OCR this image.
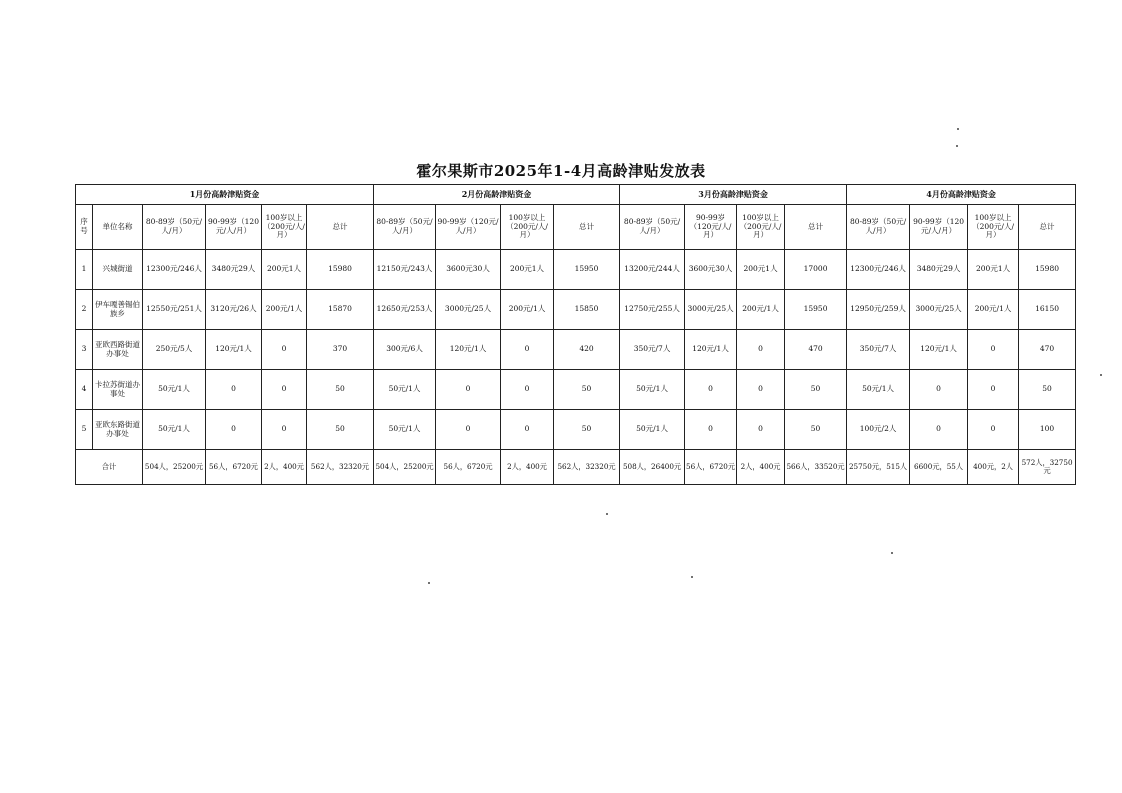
霍尔果斯市2025年1-4月高龄津贴发放表
1月份高龄津贴资金						2月份高龄津贴资金				3月份高龄津贴资金				4月份高龄津贴资金			
序号	单位名称	80-89岁（50元/人/月）	90-99岁（120元/人/月）	100岁以上（200元/人/月）	总计	80-89岁（50元/人/月）	90-99岁（120元/人/月）	100岁以上（200元/人/月）	总计	80-89岁（50元/人/月）	90-99岁（120元/人/月）	100岁以上（200元/人/月）	总计	80-89岁（50元/人/月）	90-99岁（120元/人/月）	100岁以上（200元/人/月）	总计
1	兴城街道	12300元/246人	3480元29人	200元1人	15980	12150元/243人	3600元30人	200元1人	15950	13200元/244人	3600元30人	200元1人	17000	12300元/246人	3480元29人	200元1人	15980
2	伊车嘎善锡伯族乡	12550元/251人	3120元/26人	200元/1人	15870	12650元/253人	3000元/25人	200元/1人	15850	12750元/255人	3000元/25人	200元/1人	15950	12950元/259人	3000元/25人	200元/1人	16150
3	亚欧西路街道办事处	250元/5人	120元/1人	0	370	300元/6人	120元/1人	0	420	350元/7人	120元/1人	0	470	350元/7人	120元/1人	0	470
4	卡拉苏街道办事处	50元/1人	0	0	50	50元/1人	0	0	50	50元/1人	0	0	50	50元/1人	0	0	50
5	亚欧东路街道办事处	50元/1人	0	0	50	50元/1人	0	0	50	50元/1人	0	0	50	100元/2人	0	0	100
合计		504人，25200元	56人，6720元	2人，400元	562人，32320元	504人，25200元	56人，6720元	2人，400元	562人，32320元	508人，26400元	56人，6720元	2人，400元	566人，33520元	25750元，515人	6600元，55人	400元，2人	572人，32750元
